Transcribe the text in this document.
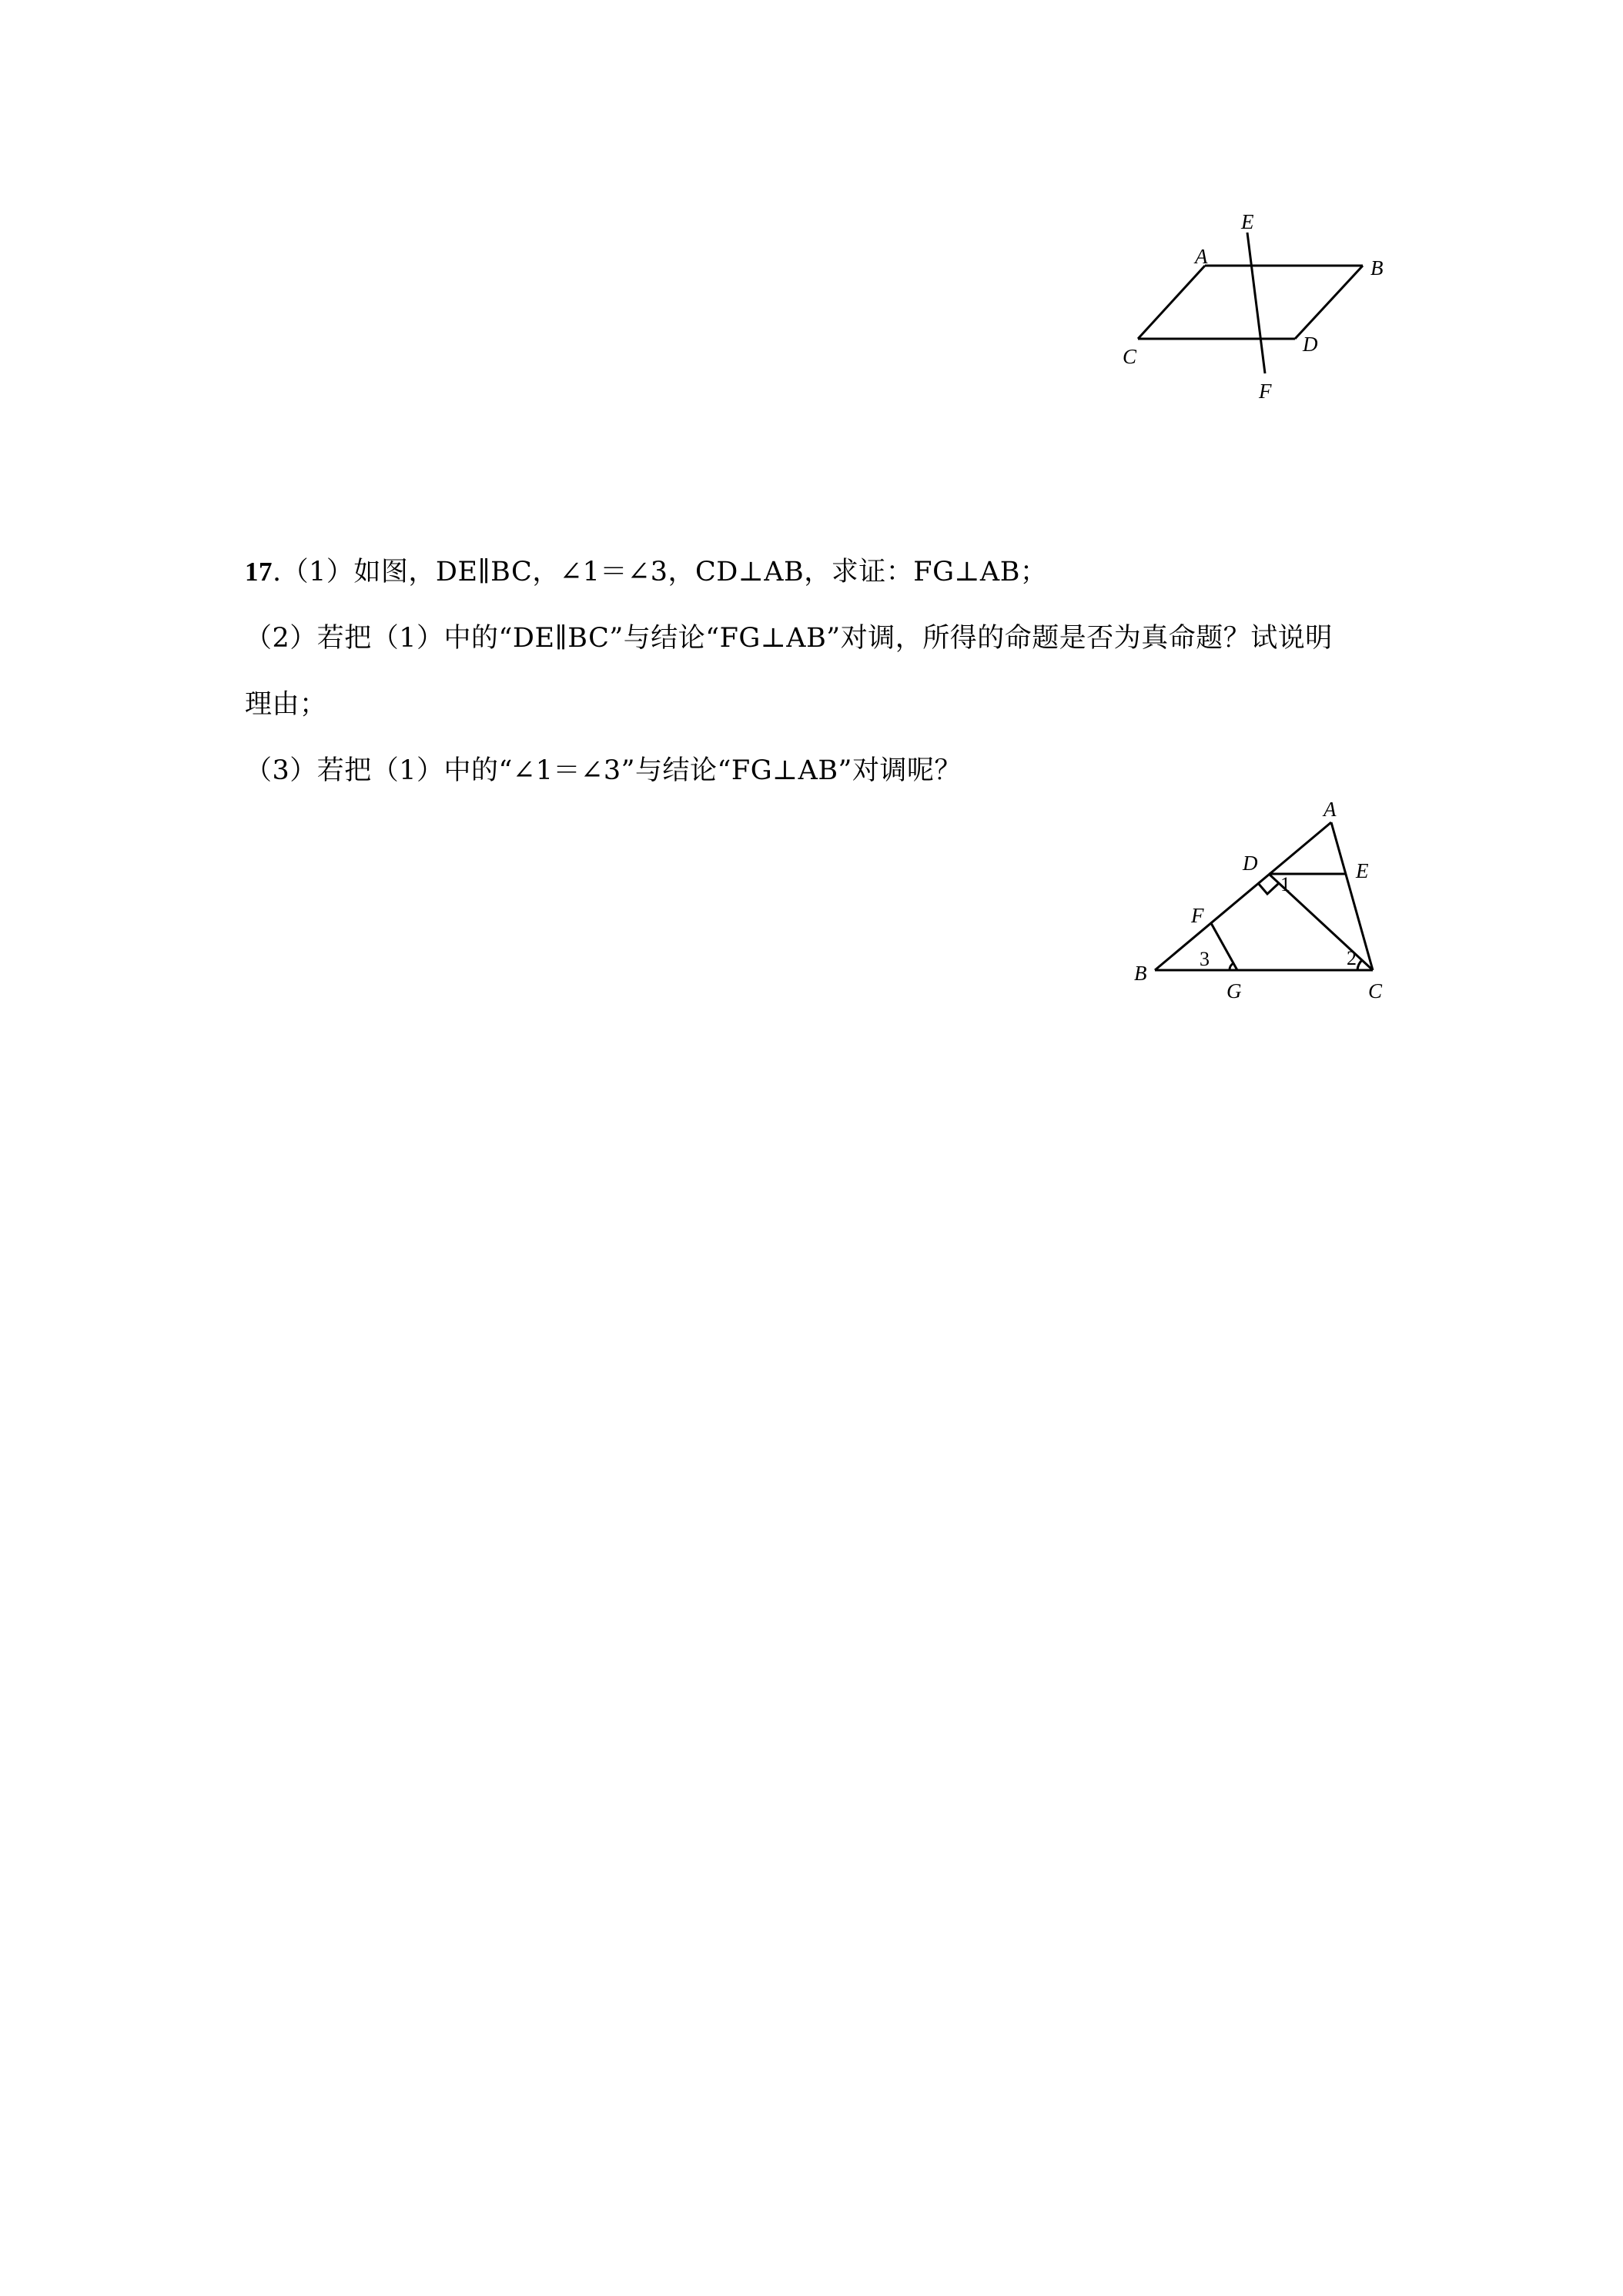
E
A	B
C
D
F
17.（1）如图，DE∥BC，∠1＝∠3，CD⊥AB，求证：FG⊥AB；
（2）若把（1）中的“DE∥BC”与结论“FG⊥AB”对调，所得的命题是否为真命题？试说明
理由；
（3）若把（1）中的“∠1＝∠3”与结论“FG⊥AB”对调呢？
A
D	E
F
B
G	C
1
2
3
